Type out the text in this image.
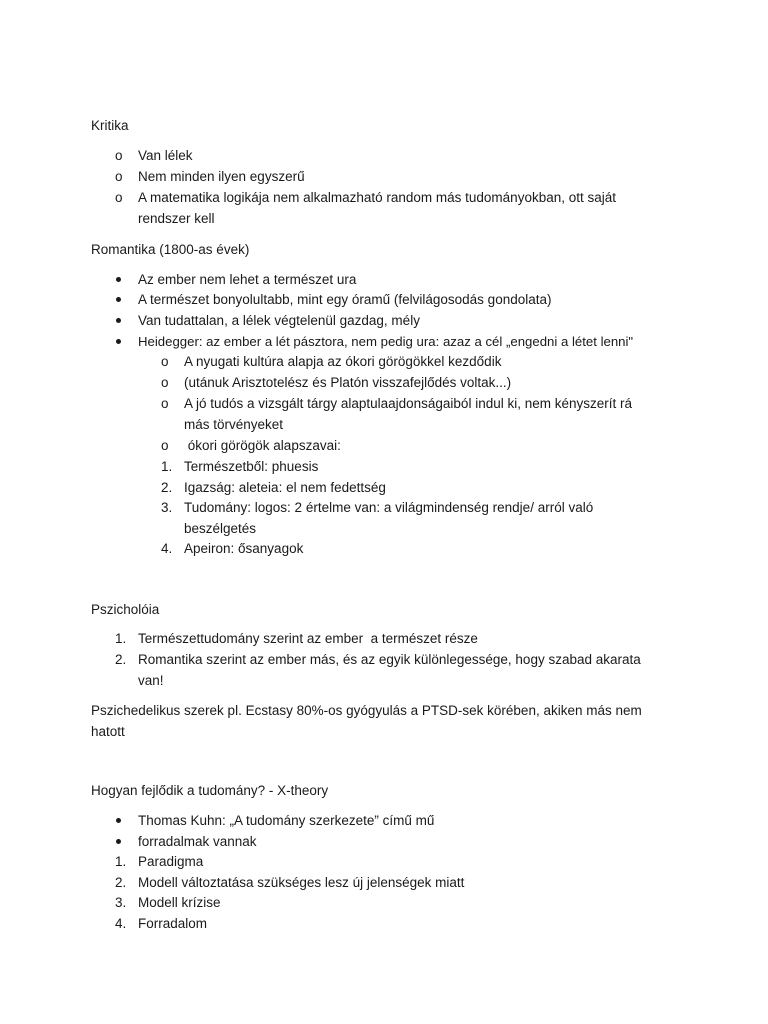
Kritika

o Van lélek
o Nem minden ilyen egyszerű
o A matematika logikája nem alkalmazható random más tudományokban, ott saját rendszer kell

Romantika (1800-as évek)

Az ember nem lehet a természet ura
A természet bonyolultabb, mint egy óramű (felvilágosodás gondolata)
Van tudattalan, a lélek végtelenül gazdag, mély
Heidegger: az ember a lét pásztora, nem pedig ura: azaz a cél „engedni a létet lenni"
o A nyugati kultúra alapja az ókori görögökkel kezdődik
o (utánuk Arisztotelész és Platón visszafejlődés voltak...)
o A jó tudós a vizsgált tárgy alaptulaajdonságaiból indul ki, nem kényszerít rá más törvényeket
o ókori görögök alapszavai:
1. Természetből: phuesis
2. Igazság: aleteia: el nem fedettség
3. Tudomány: logos: 2 értelme van: a világmindenség rendje/ arról való beszélgetés
4. Apeiron: ősanyagok

Pszicholóia

1. Természettudomány szerint az ember  a természet része
2. Romantika szerint az ember más, és az egyik különlegessége, hogy szabad akarata van!

Pszichedelikus szerek pl. Ecstasy 80%-os gyógyulás a PTSD-sek körében, akiken más nem hatott

Hogyan fejlődik a tudomány? - X-theory

Thomas Kuhn: „A tudomány szerkezete” című mű
forradalmak vannak
1. Paradigma
2. Modell változtatása szükséges lesz új jelenségek miatt
3. Modell krízise
4. Forradalom
